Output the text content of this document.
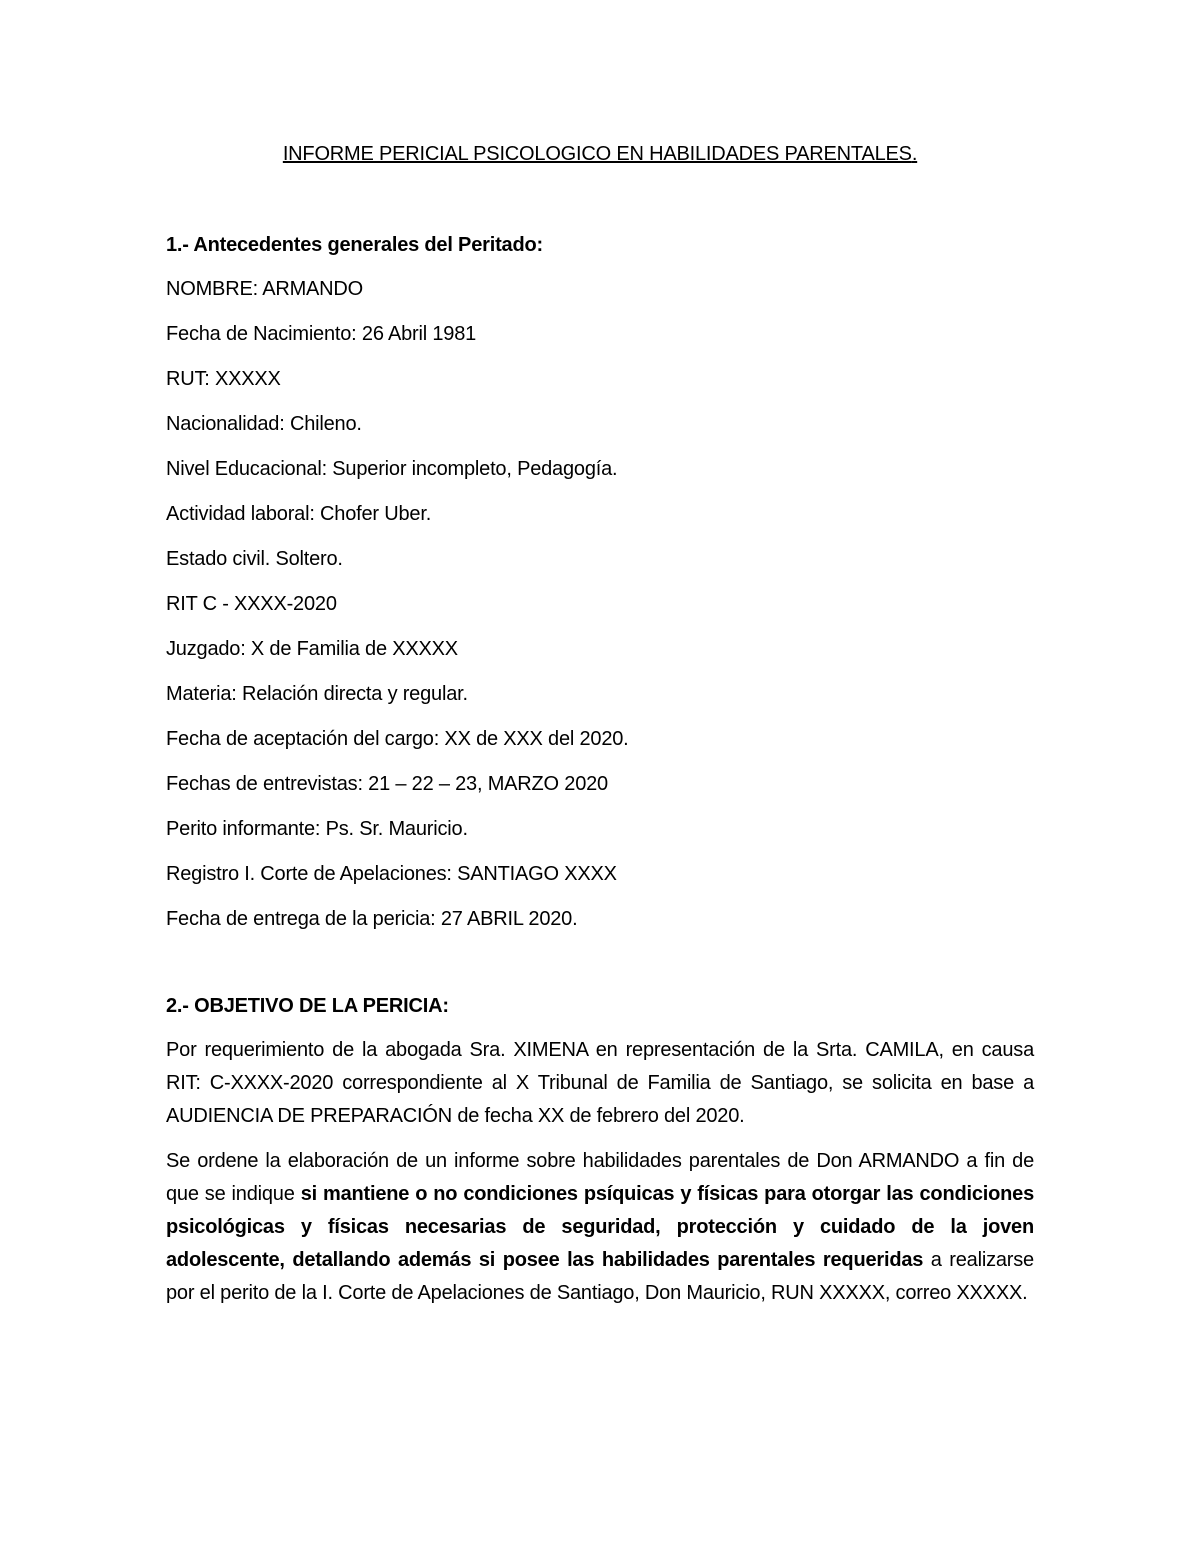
INFORME PERICIAL PSICOLOGICO EN HABILIDADES PARENTALES.
1.- Antecedentes generales del Peritado:
NOMBRE: ARMANDO
Fecha de Nacimiento: 26 Abril 1981
RUT: XXXXX
Nacionalidad: Chileno.
Nivel Educacional: Superior incompleto, Pedagogía.
Actividad laboral: Chofer Uber.
Estado civil. Soltero.
RIT C - XXXX-2020
Juzgado: X de Familia de XXXXX
Materia: Relación directa y regular.
Fecha de aceptación del cargo: XX de XXX del 2020.
Fechas de entrevistas: 21 – 22 – 23, MARZO 2020
Perito informante: Ps. Sr. Mauricio.
Registro I. Corte de Apelaciones: SANTIAGO XXXX
Fecha de entrega de la pericia: 27 ABRIL 2020.
2.- OBJETIVO DE LA PERICIA:

Por requerimiento de la abogada Sra. XIMENA en representación de la Srta. CAMILA, en causa RIT: C-XXXX-2020 correspondiente al X Tribunal de Familia de Santiago, se solicita en base a AUDIENCIA DE PREPARACIÓN de fecha XX de febrero del 2020.

Se ordene la elaboración de un informe sobre habilidades parentales de Don ARMANDO a fin de que se indique si mantiene o no condiciones psíquicas y físicas para otorgar las condiciones psicológicas y físicas necesarias de seguridad, protección y cuidado de la joven adolescente, detallando además si posee las habilidades parentales requeridas a realizarse por el perito de la I. Corte de Apelaciones de Santiago, Don Mauricio, RUN XXXXX, correo XXXXX.
